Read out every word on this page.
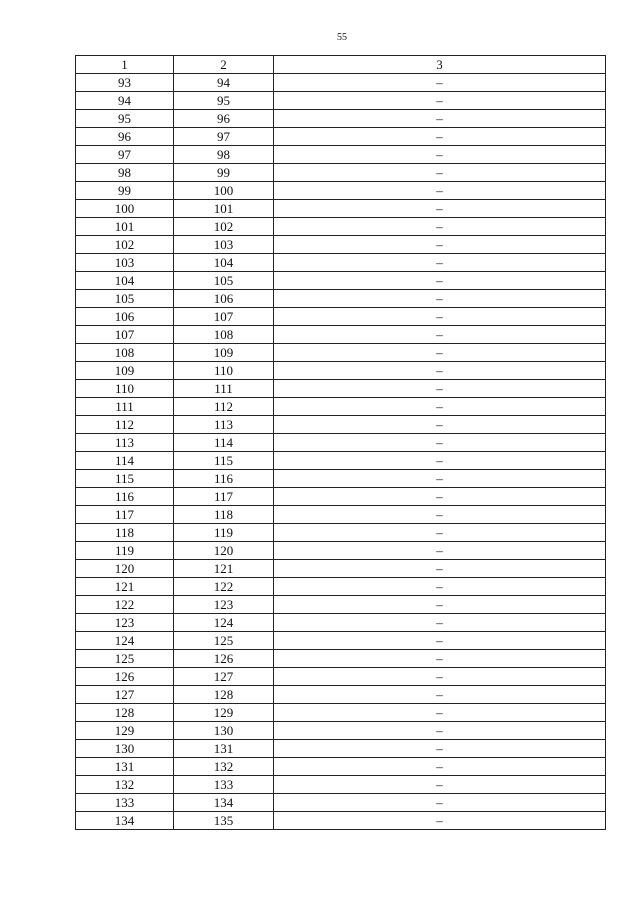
55
1	2	3
93	94	–
94	95	–
95	96	–
96	97	–
97	98	–
98	99	–
99	100	–
100	101	–
101	102	–
102	103	–
103	104	–
104	105	–
105	106	–
106	107	–
107	108	–
108	109	–
109	110	–
110	111	–
111	112	–
112	113	–
113	114	–
114	115	–
115	116	–
116	117	–
117	118	–
118	119	–
119	120	–
120	121	–
121	122	–
122	123	–
123	124	–
124	125	–
125	126	–
126	127	–
127	128	–
128	129	–
129	130	–
130	131	–
131	132	–
132	133	–
133	134	–
134	135	–
